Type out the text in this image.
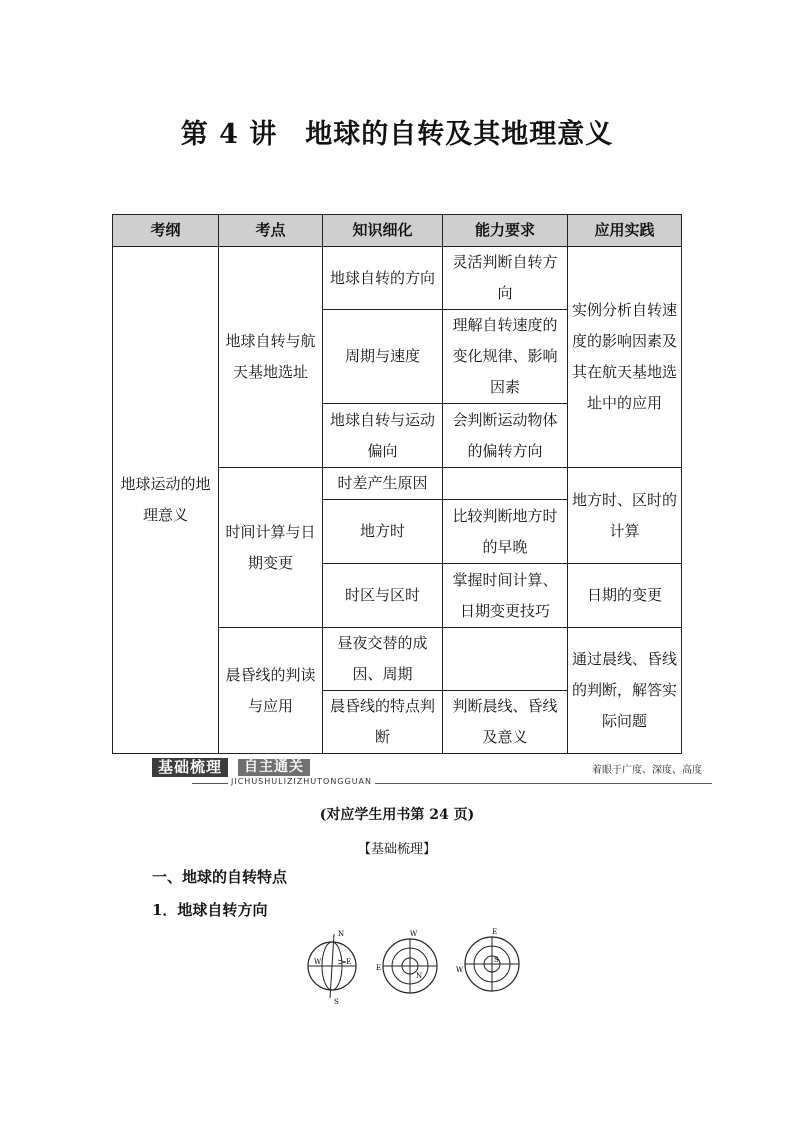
第 4 讲　地球的自转及其地理意义
考纲	考点	知识细化	能力要求	应用实践
地球运动的地理意义	地球自转与航天基地选址	地球自转的方向	灵活判断自转方向	实例分析自转速度的影响因素及其在航天基地选址中的应用
		周期与速度	理解自转速度的变化规律、影响因素	
		地球自转与运动偏向	会判断运动物体的偏转方向	
	时间计算与日期变更	时差产生原因		地方时、区时的计算
		地方时	比较判断地方时的早晚	
		时区与区时	掌握时间计算、日期变更技巧	日期的变更
	晨昏线的判读与应用	昼夜交替的成因、周期		通过晨线、昏线的判断，解答实际问题
		晨昏线的特点判断	判断晨线、昏线及意义	
JICHUSHULIZIZHUTONGGUAN
自主通关
基础梳理	着眼于广度、深度、高度
(对应学生用书第 24 页)
【基础梳理】
一、地球的自转特点
1．地球自转方向
N
S
W	E
W
E
N
E
W
S
